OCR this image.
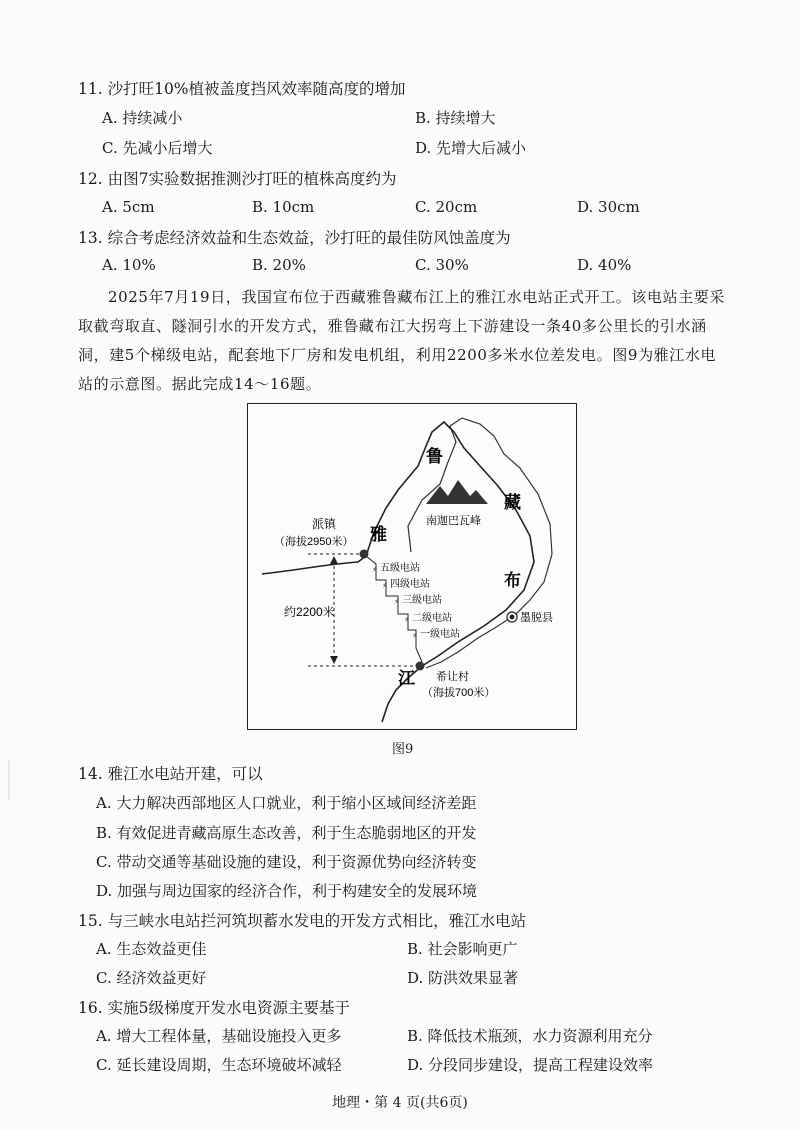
11. 沙打旺10%植被盖度挡风效率随高度的增加
A. 持续减小	B. 持续增大
C. 先减小后增大	D. 先增大后减小
12. 由图7实验数据推测沙打旺的植株高度约为
A. 5cm	B. 10cm	C. 20cm	D. 30cm
13. 综合考虑经济效益和生态效益，沙打旺的最佳防风蚀盖度为
A. 10%	B. 20%	C. 30%	D. 40%

2025年7月19日，我国宣布位于西藏雅鲁藏布江上的雅江水电站正式开工。该电站主要采

取截弯取直、隧洞引水的开发方式，雅鲁藏布江大拐弯上下游建设一条40多公里长的引水涵

洞，建5个梯级电站，配套地下厂房和发电机组，利用2200多米水位差发电。图9为雅江水电

站的示意图。据此完成14～16题。

⚡
⚡
⚡
⚡
⚡
五级电站
四级电站
三级电站
二级电站
一级电站
鲁
雅
藏
布
江
南迦巴瓦峰
派镇
（海拔2950米）
约2200米
希让村
（海拔700米）
墨脱县
图9
14. 雅江水电站开建，可以
A. 大力解决西部地区人口就业，利于缩小区域间经济差距
B. 有效促进青藏高原生态改善，利于生态脆弱地区的开发
C. 带动交通等基础设施的建设，利于资源优势向经济转变
D. 加强与周边国家的经济合作，利于构建安全的发展环境
15. 与三峡水电站拦河筑坝蓄水发电的开发方式相比，雅江水电站
A. 生态效益更佳	B. 社会影响更广
C. 经济效益更好	D. 防洪效果显著
16. 实施5级梯度开发水电资源主要基于
A. 增大工程体量，基础设施投入更多	B. 降低技术瓶颈，水力资源利用充分
C. 延长建设周期，生态环境破坏减轻	D. 分段同步建设，提高工程建设效率
地理・第 4 页(共6页)
